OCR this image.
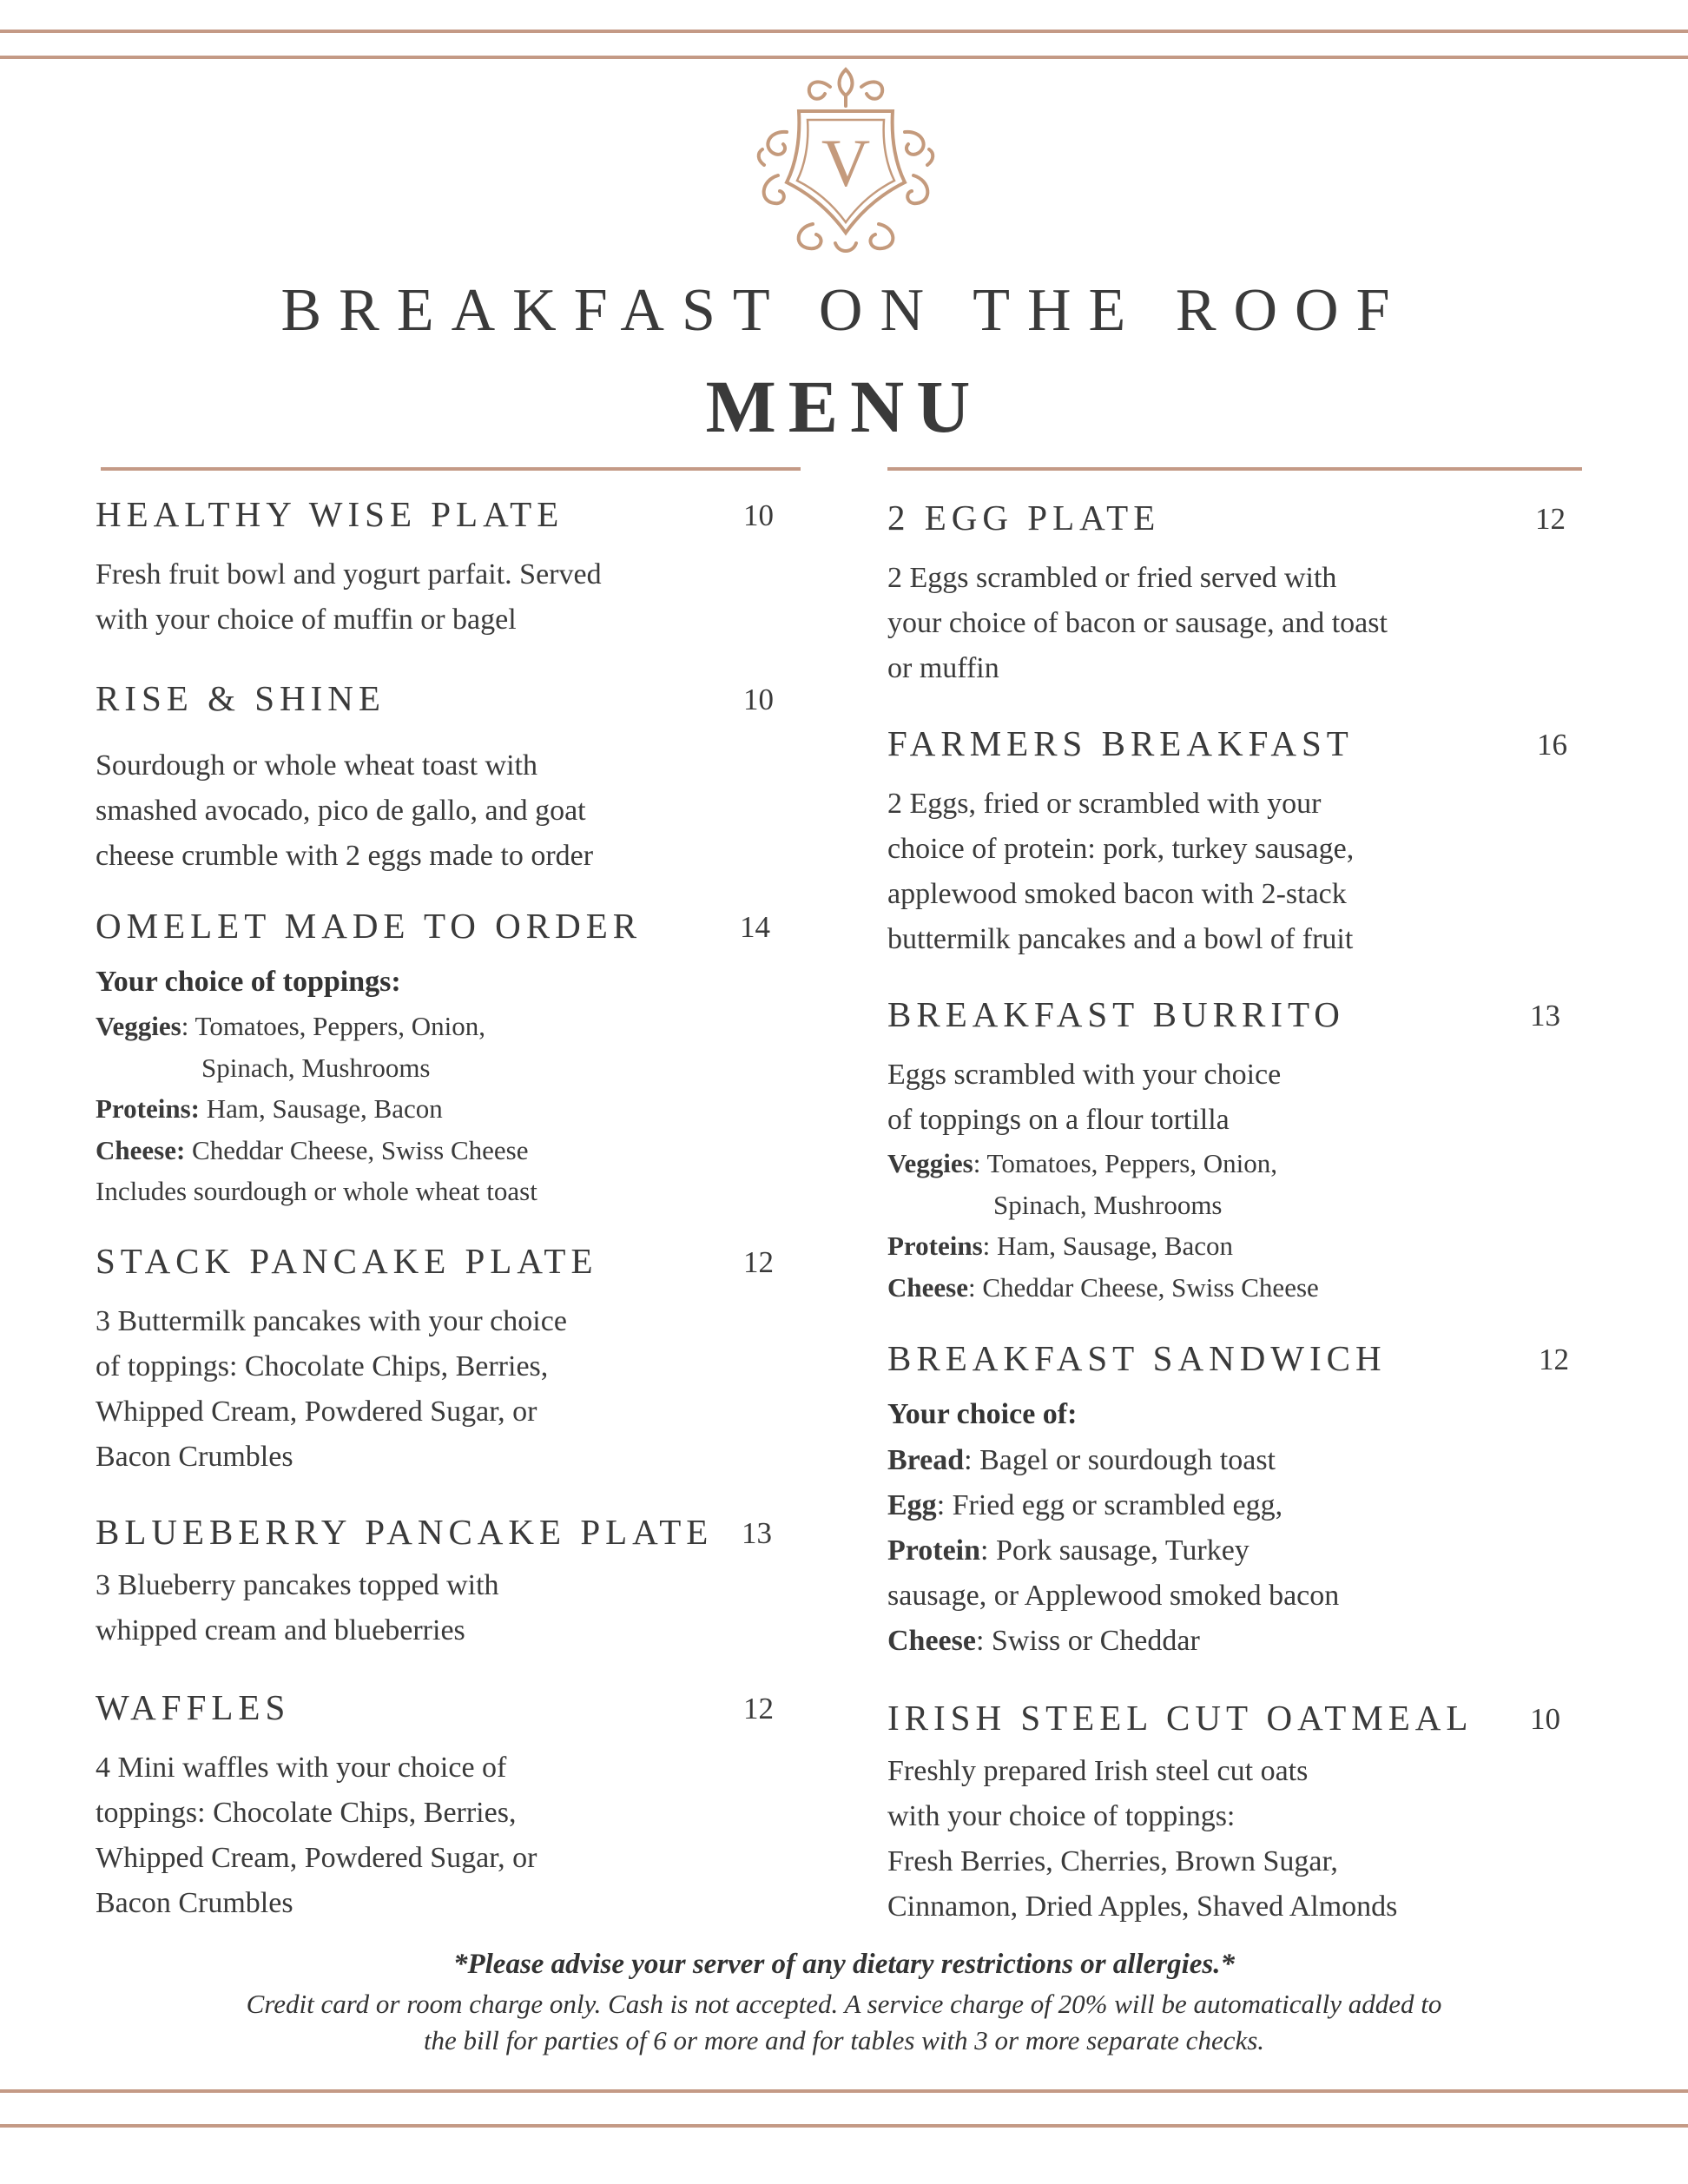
V
BREAKFAST ON THE ROOF
MENU
HEALTHY WISE PLATE	10
Fresh fruit bowl and yogurt parfait. Served
with your choice of muffin or bagel
RISE & SHINE	10
Sourdough or whole wheat toast with
smashed avocado, pico de gallo, and goat
cheese crumble with 2 eggs made to order
OMELET MADE TO ORDER	14
Your choice of toppings:
Veggies: Tomatoes, Peppers, Onion,
Spinach, Mushrooms
Proteins: Ham, Sausage, Bacon
Cheese: Cheddar Cheese, Swiss Cheese
Includes sourdough or whole wheat toast
STACK PANCAKE PLATE	12
3 Buttermilk pancakes with your choice
of toppings: Chocolate Chips, Berries,
Whipped Cream, Powdered Sugar, or
Bacon Crumbles
BLUEBERRY PANCAKE PLATE 13
3 Blueberry pancakes topped with
whipped cream and blueberries
WAFFLES	12
4 Mini waffles with your choice of
toppings: Chocolate Chips, Berries,
Whipped Cream, Powdered Sugar, or
Bacon Crumbles
2 EGG PLATE	12
2 Eggs scrambled or fried served with
your choice of bacon or sausage, and toast
or muffin
FARMERS BREAKFAST	16
2 Eggs, fried or scrambled with your
choice of protein: pork, turkey sausage,
applewood smoked bacon with 2-stack
buttermilk pancakes and a bowl of fruit
BREAKFAST BURRITO	13
Eggs scrambled with your choice
of toppings on a flour tortilla
Veggies: Tomatoes, Peppers, Onion,
Spinach, Mushrooms
Proteins: Ham, Sausage, Bacon
Cheese: Cheddar Cheese, Swiss Cheese
BREAKFAST SANDWICH	12
Your choice of:
Bread: Bagel or sourdough toast
Egg: Fried egg or scrambled egg,
Protein: Pork sausage, Turkey
sausage, or Applewood smoked bacon
Cheese: Swiss or Cheddar
IRISH STEEL CUT OATMEAL 10
Freshly prepared Irish steel cut oats
with your choice of toppings:
Fresh Berries, Cherries, Brown Sugar,
Cinnamon, Dried Apples, Shaved Almonds
*Please advise your server of any dietary restrictions or allergies.*
Credit card or room charge only. Cash is not accepted. A service charge of 20% will be automatically added to
the bill for parties of 6 or more and for tables with 3 or more separate checks.
